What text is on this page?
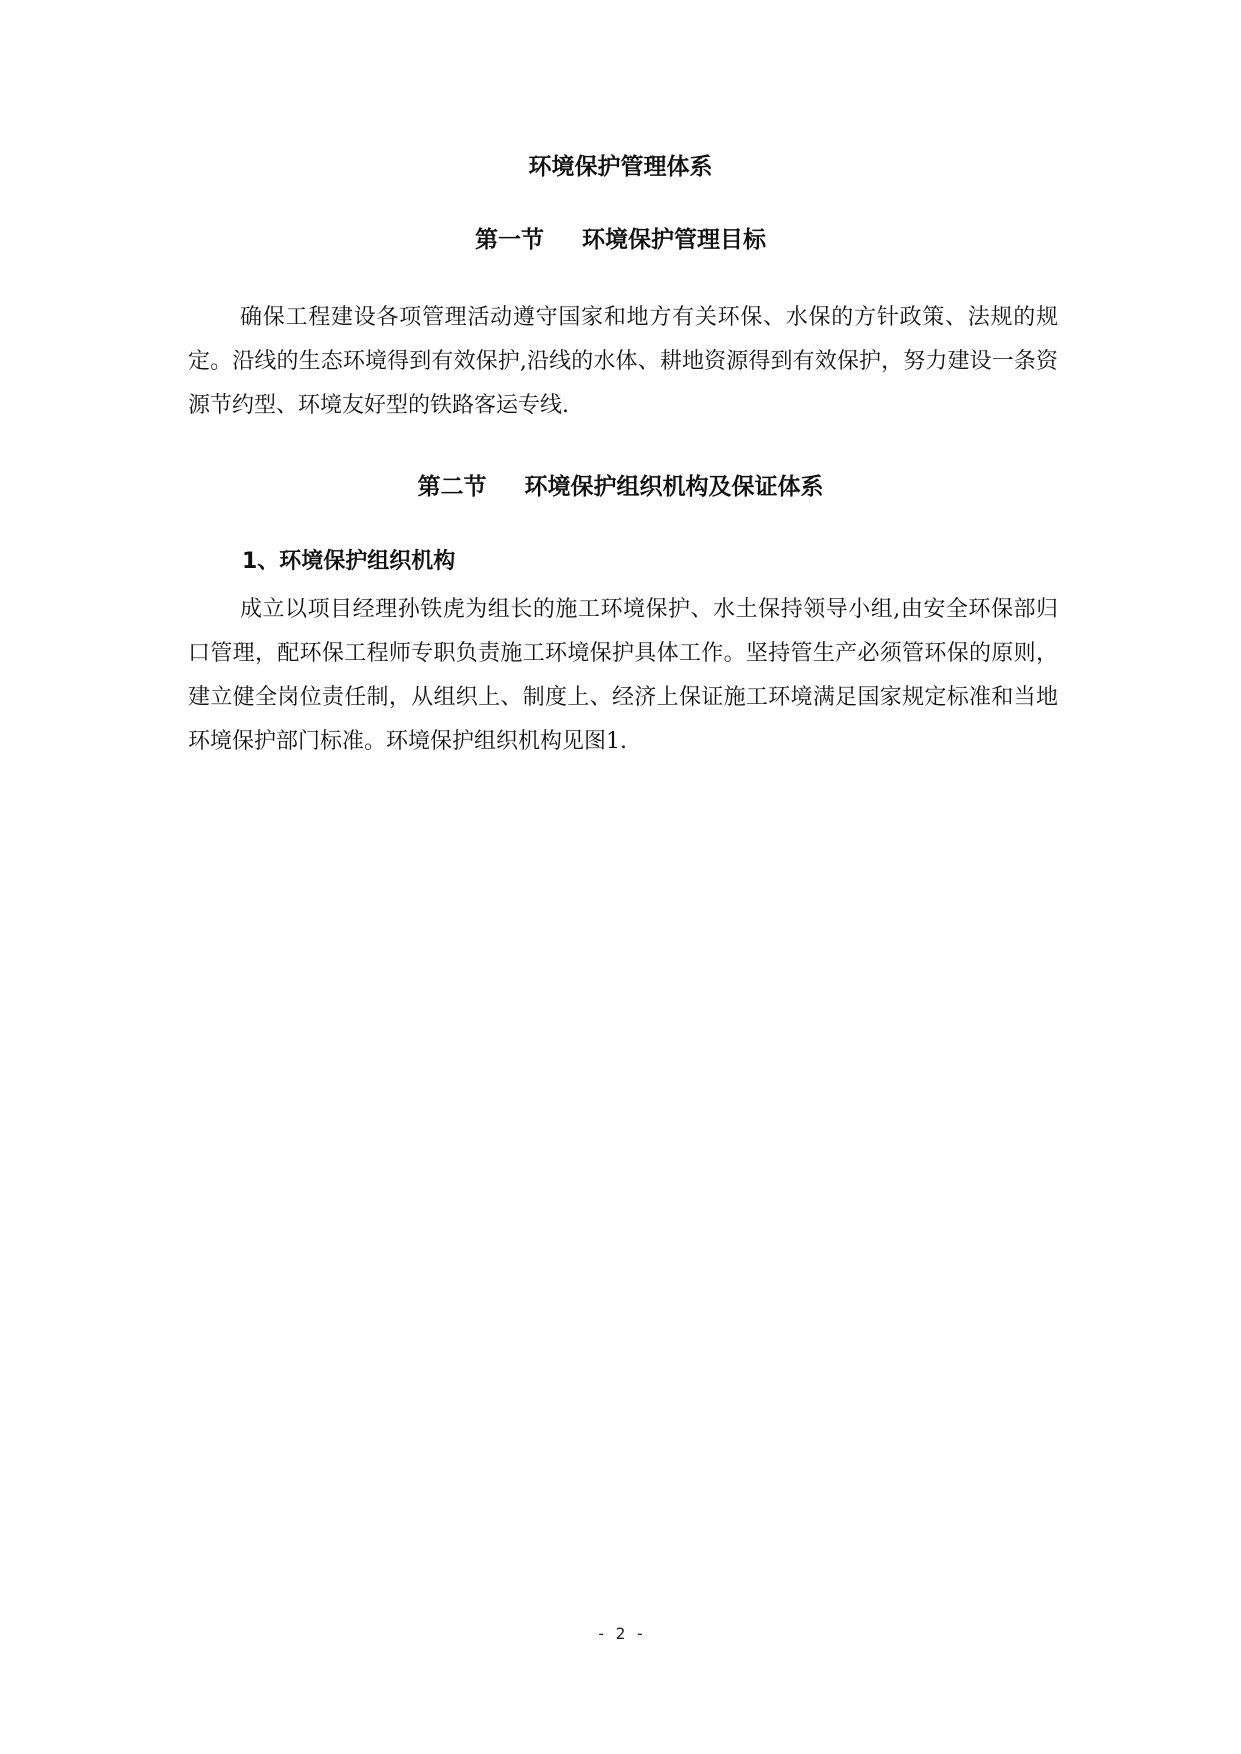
环境保护管理体系
第一节 环境保护管理目标

确保工程建设各项管理活动遵守国家和地方有关环保、水保的方针政策、法规的规定。沿线的生态环境得到有效保护,沿线的水体、耕地资源得到有效保护，努力建设一条资源节约型、环境友好型的铁路客运专线.

第二节 环境保护组织机构及保证体系
1、环境保护组织机构

成立以项目经理孙铁虎为组长的施工环境保护、水土保持领导小组,由安全环保部归口管理，配环保工程师专职负责施工环境保护具体工作。坚持管生产必须管环保的原则，建立健全岗位责任制，从组织上、制度上、经济上保证施工环境满足国家规定标准和当地环境保护部门标准。环境保护组织机构见图1.

- 2 -
